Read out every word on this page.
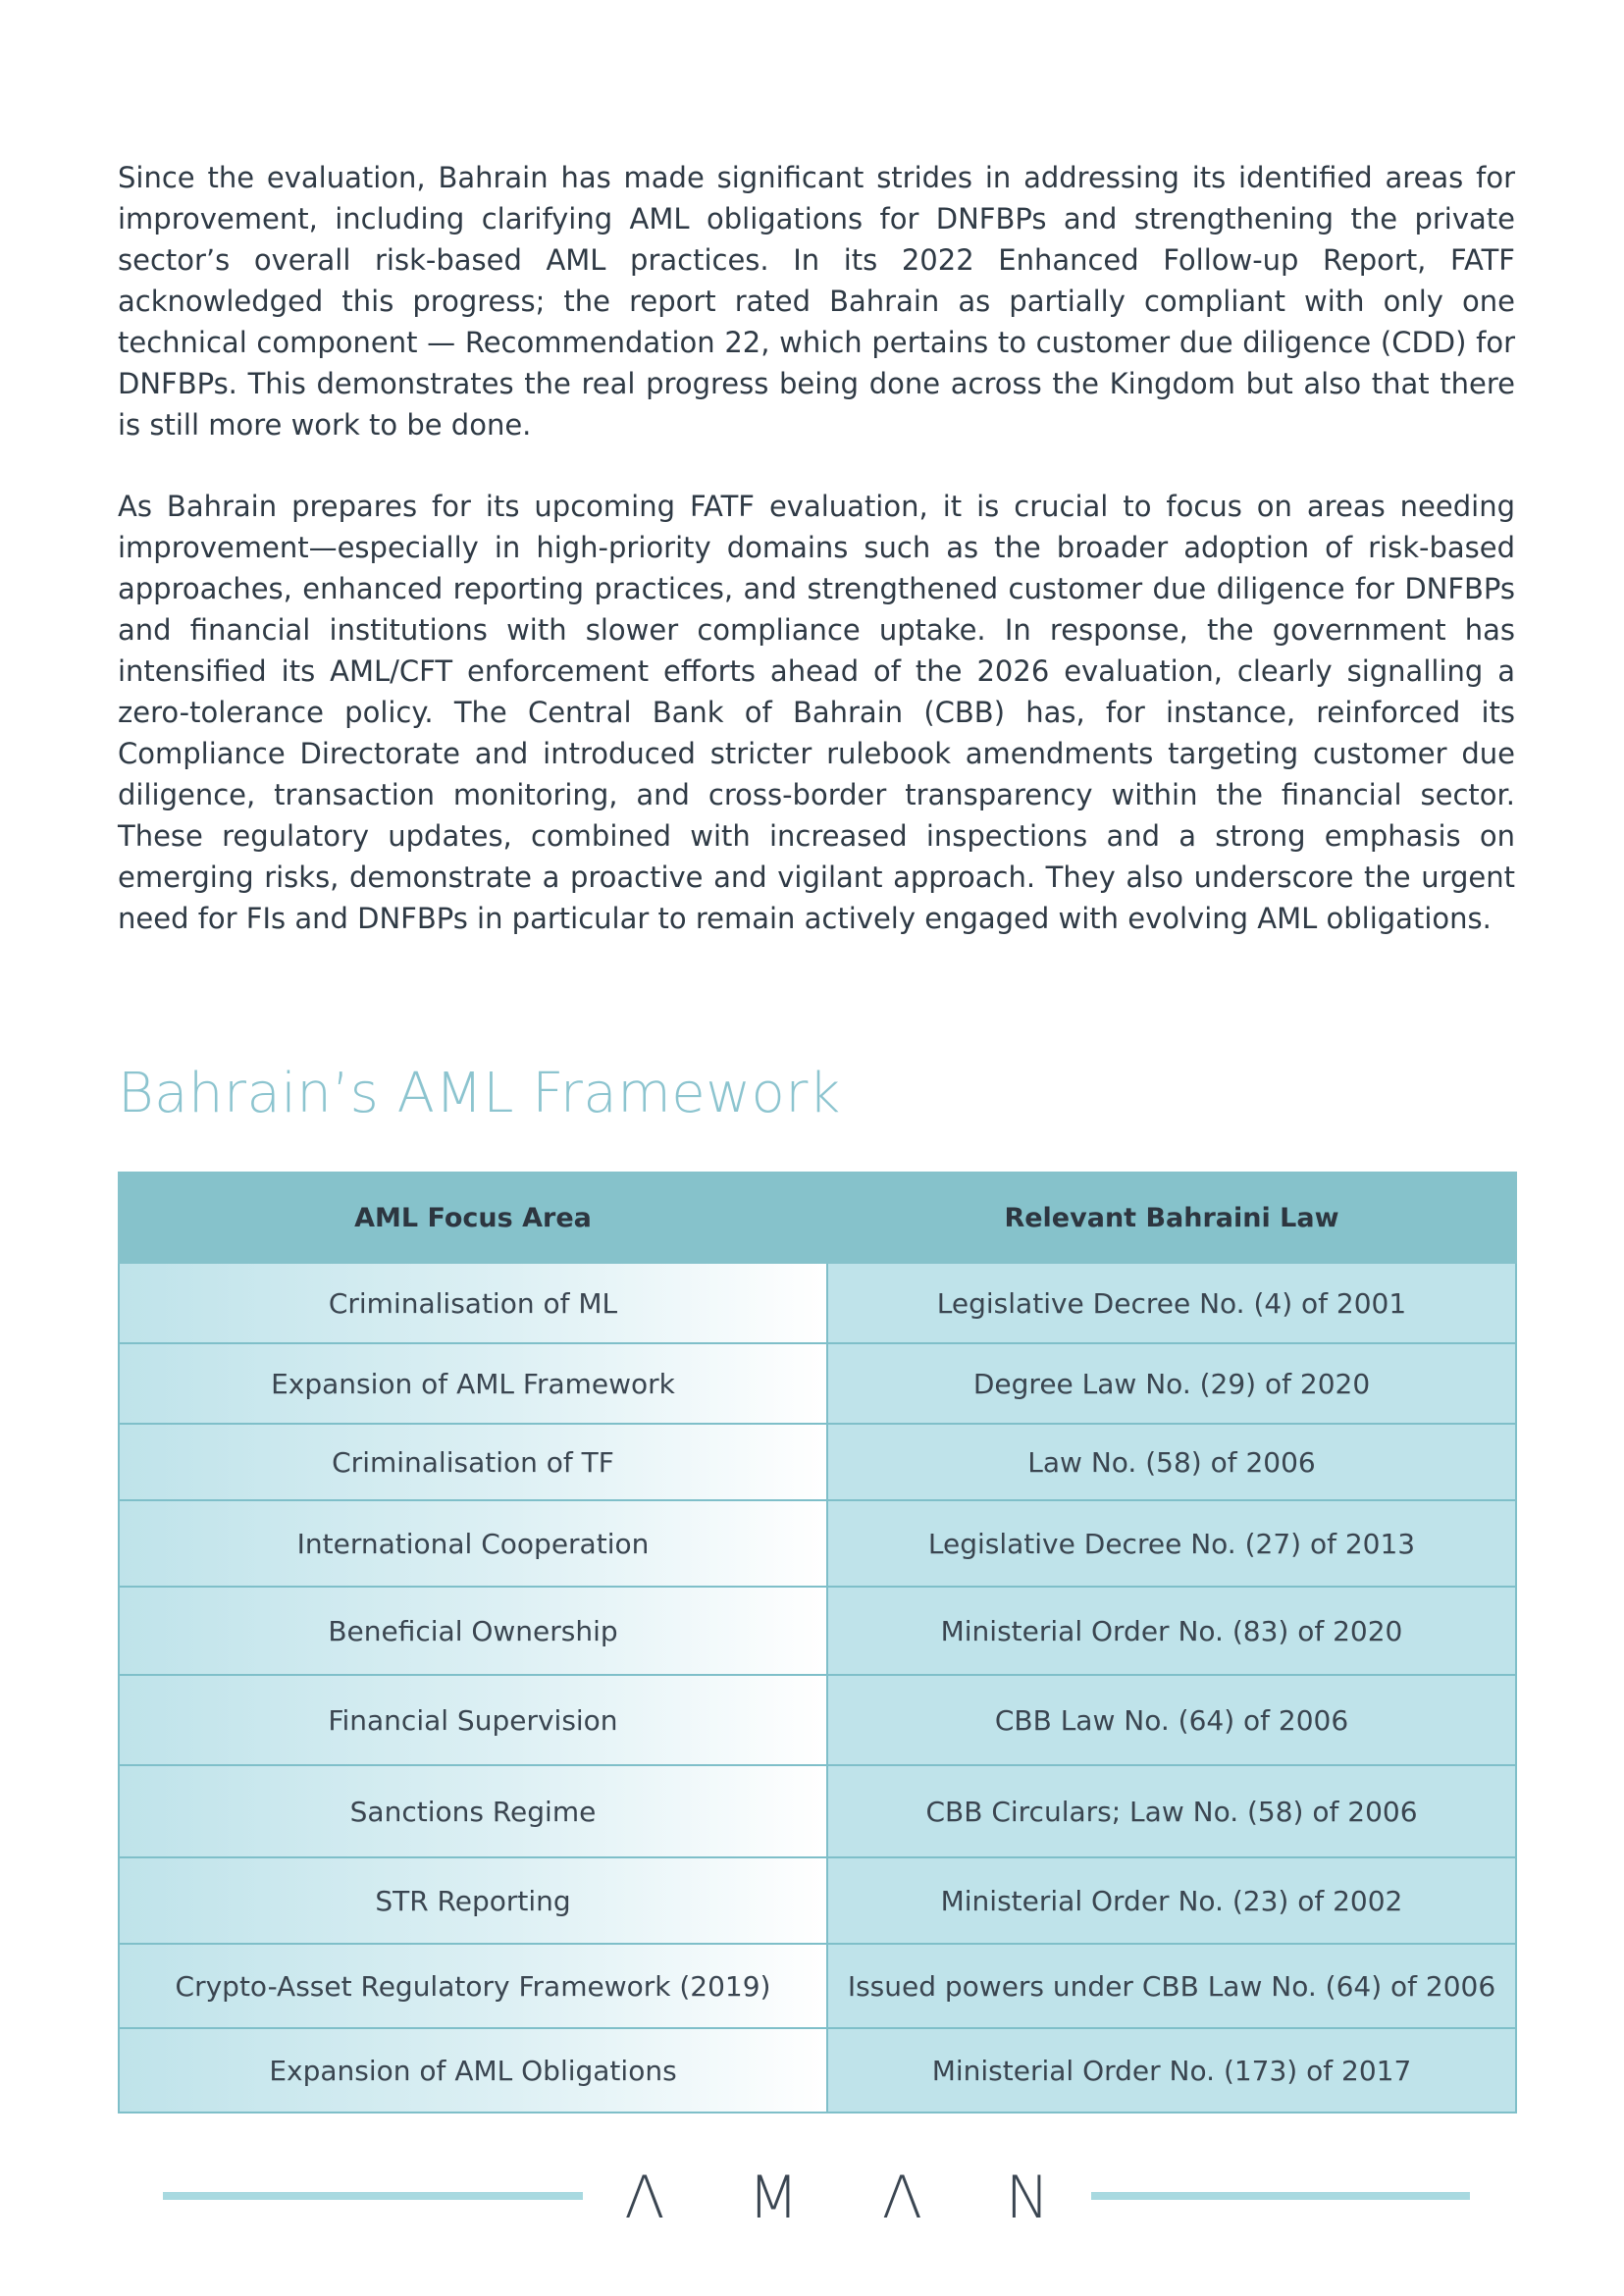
Since the evaluation, Bahrain has made significant strides in addressing its identified areas for improvement, including clarifying AML obligations for DNFBPs and strengthening the private sector’s overall risk-based AML practices. In its 2022 Enhanced Follow-up Report, FATF acknowledged this progress; the report rated Bahrain as partially compliant with only one technical component — Recommendation 22, which pertains to customer due diligence (CDD) for DNFBPs. This demonstrates the real progress being done across the Kingdom but also that there is still more work to be done.

As Bahrain prepares for its upcoming FATF evaluation, it is crucial to focus on areas needing improvement—especially in high-priority domains such as the broader adoption of risk-based approaches, enhanced reporting practices, and strengthened customer due diligence for DNFBPs and financial institutions with slower compliance uptake. In response, the government has intensified its AML/CFT enforcement efforts ahead of the 2026 evaluation, clearly signalling a zero-tolerance policy. The Central Bank of Bahrain (CBB) has, for instance, reinforced its Compliance Directorate and introduced stricter rulebook amendments targeting customer due diligence, transaction monitoring, and cross-border transparency within the financial sector. These regulatory updates, combined with increased inspections and a strong emphasis on emerging risks, demonstrate a proactive and vigilant approach. They also underscore the urgent need for FIs and DNFBPs in particular to remain actively engaged with evolving AML obligations.

Bahrain’s AML Framework
AML Focus Area	Relevant Bahraini Law
Criminalisation of ML	Legislative Decree No. (4) of 2001
Expansion of AML Framework	Degree Law No. (29) of 2020
Criminalisation of TF	Law No. (58) of 2006
International Cooperation	Legislative Decree No. (27) of 2013
Beneficial Ownership	Ministerial Order No. (83) of 2020
Financial Supervision	CBB Law No. (64) of 2006
Sanctions Regime	CBB Circulars; Law No. (58) of 2006
STR Reporting	Ministerial Order No. (23) of 2002
Crypto-Asset Regulatory Framework (2019)	Issued powers under CBB Law No. (64) of 2006
Expansion of AML Obligations	Ministerial Order No. (173) of 2017
Λ M Λ N
